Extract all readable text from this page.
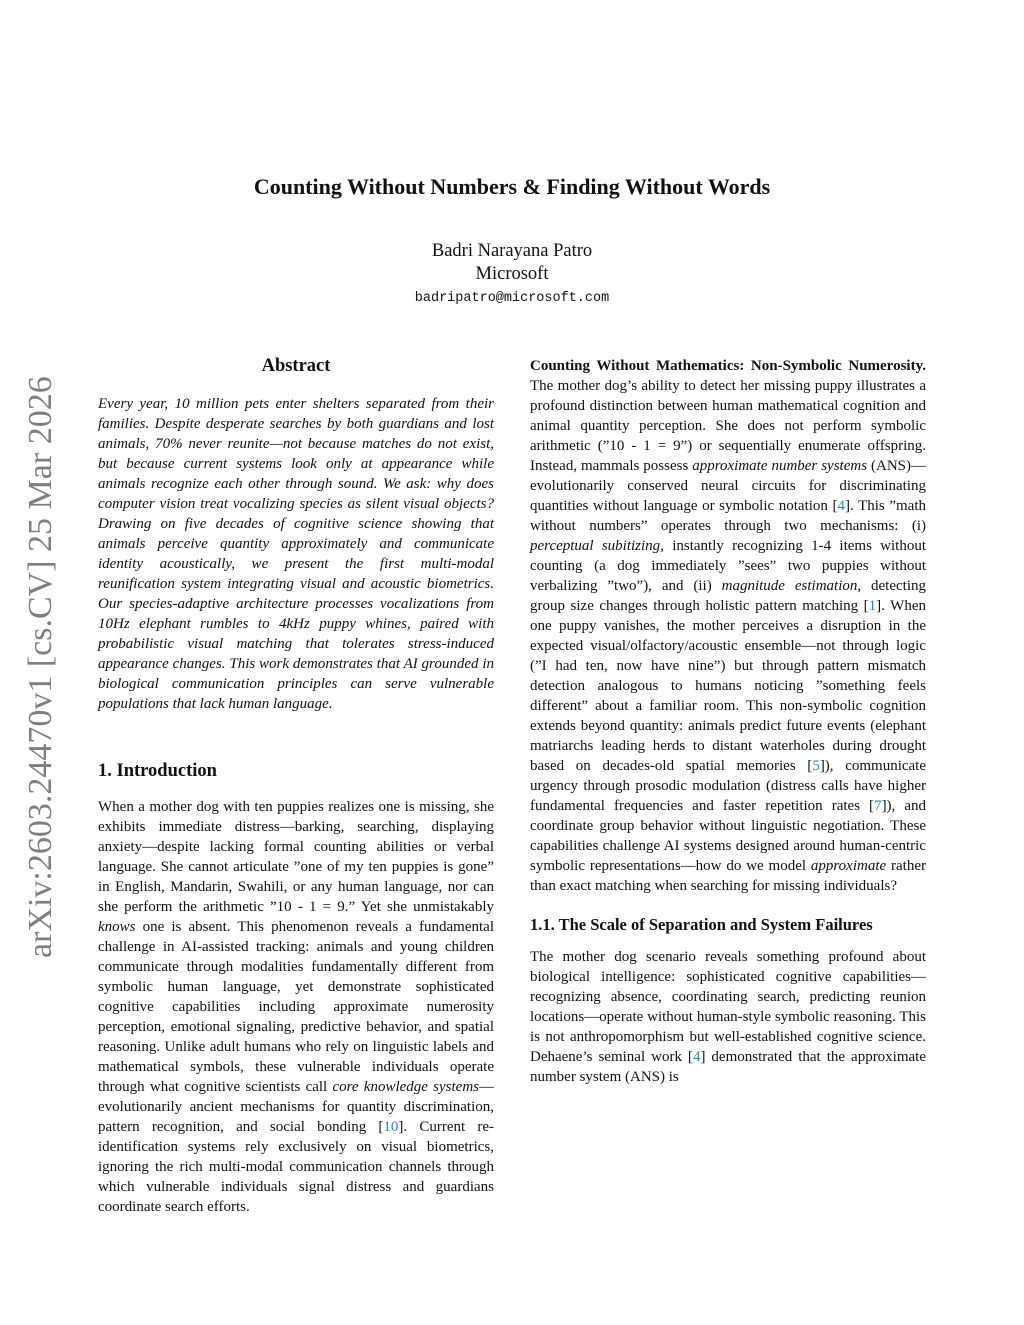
Counting Without Numbers & Finding Without Words
Badri Narayana Patro
Microsoft
badripatro@microsoft.com
arXiv:2603.24470v1 [cs.CV] 25 Mar 2026
Abstract

Every year, 10 million pets enter shelters separated from their families. Despite desperate searches by both guardians and lost animals, 70% never reunite—not because matches do not exist, but because current systems look only at appearance while animals recognize each other through sound. We ask: why does computer vision treat vocalizing species as silent visual objects? Drawing on five decades of cognitive science showing that animals perceive quantity approximately and communicate identity acoustically, we present the first multi-modal reunification system integrating visual and acoustic biometrics. Our species-adaptive architecture processes vocalizations from 10Hz elephant rumbles to 4kHz puppy whines, paired with probabilistic visual matching that tolerates stress-induced appearance changes. This work demonstrates that AI grounded in biological communication principles can serve vulnerable populations that lack human language.

1. Introduction

When a mother dog with ten puppies realizes one is missing, she exhibits immediate distress—barking, searching, displaying anxiety—despite lacking formal counting abilities or verbal language. She cannot articulate ”one of my ten puppies is gone” in English, Mandarin, Swahili, or any human language, nor can she perform the arithmetic ”10 - 1 = 9.” Yet she unmistakably knows one is absent. This phenomenon reveals a fundamental challenge in AI-assisted tracking: animals and young children communicate through modalities fundamentally different from symbolic human language, yet demonstrate sophisticated cognitive capabilities including approximate numerosity perception, emotional signaling, predictive behavior, and spatial reasoning. Unlike adult humans who rely on linguistic labels and mathematical symbols, these vulnerable individuals operate through what cognitive scientists call core knowledge systems—evolutionarily ancient mechanisms for quantity discrimination, pattern recognition, and social bonding [10]. Current re-identification systems rely exclusively on visual biometrics, ignoring the rich multi-modal communication channels through which vulnerable individuals signal distress and guardians coordinate search efforts.

Counting Without Mathematics: Non-Symbolic Numerosity. The mother dog’s ability to detect her missing puppy illustrates a profound distinction between human mathematical cognition and animal quantity perception. She does not perform symbolic arithmetic (”10 - 1 = 9”) or sequentially enumerate offspring. Instead, mammals possess approximate number systems (ANS)—evolutionarily conserved neural circuits for discriminating quantities without language or symbolic notation [4]. This ”math without numbers” operates through two mechanisms: (i) perceptual subitizing, instantly recognizing 1-4 items without counting (a dog immediately ”sees” two puppies without verbalizing ”two”), and (ii) magnitude estimation, detecting group size changes through holistic pattern matching [1]. When one puppy vanishes, the mother perceives a disruption in the expected visual/olfactory/acoustic ensemble—not through logic (”I had ten, now have nine”) but through pattern mismatch detection analogous to humans noticing ”something feels different” about a familiar room. This non-symbolic cognition extends beyond quantity: animals predict future events (elephant matriarchs leading herds to distant waterholes during drought based on decades-old spatial memories [5]), communicate urgency through prosodic modulation (distress calls have higher fundamental frequencies and faster repetition rates [7]), and coordinate group behavior without linguistic negotiation. These capabilities challenge AI systems designed around human-centric symbolic representations—how do we model approximate rather than exact matching when searching for missing individuals?

1.1. The Scale of Separation and System Failures

The mother dog scenario reveals something profound about biological intelligence: sophisticated cognitive capabilities—recognizing absence, coordinating search, predicting reunion locations—operate without human-style symbolic reasoning. This is not anthropomorphism but well-established cognitive science. Dehaene’s seminal work [4] demonstrated that the approximate number system (ANS) is
